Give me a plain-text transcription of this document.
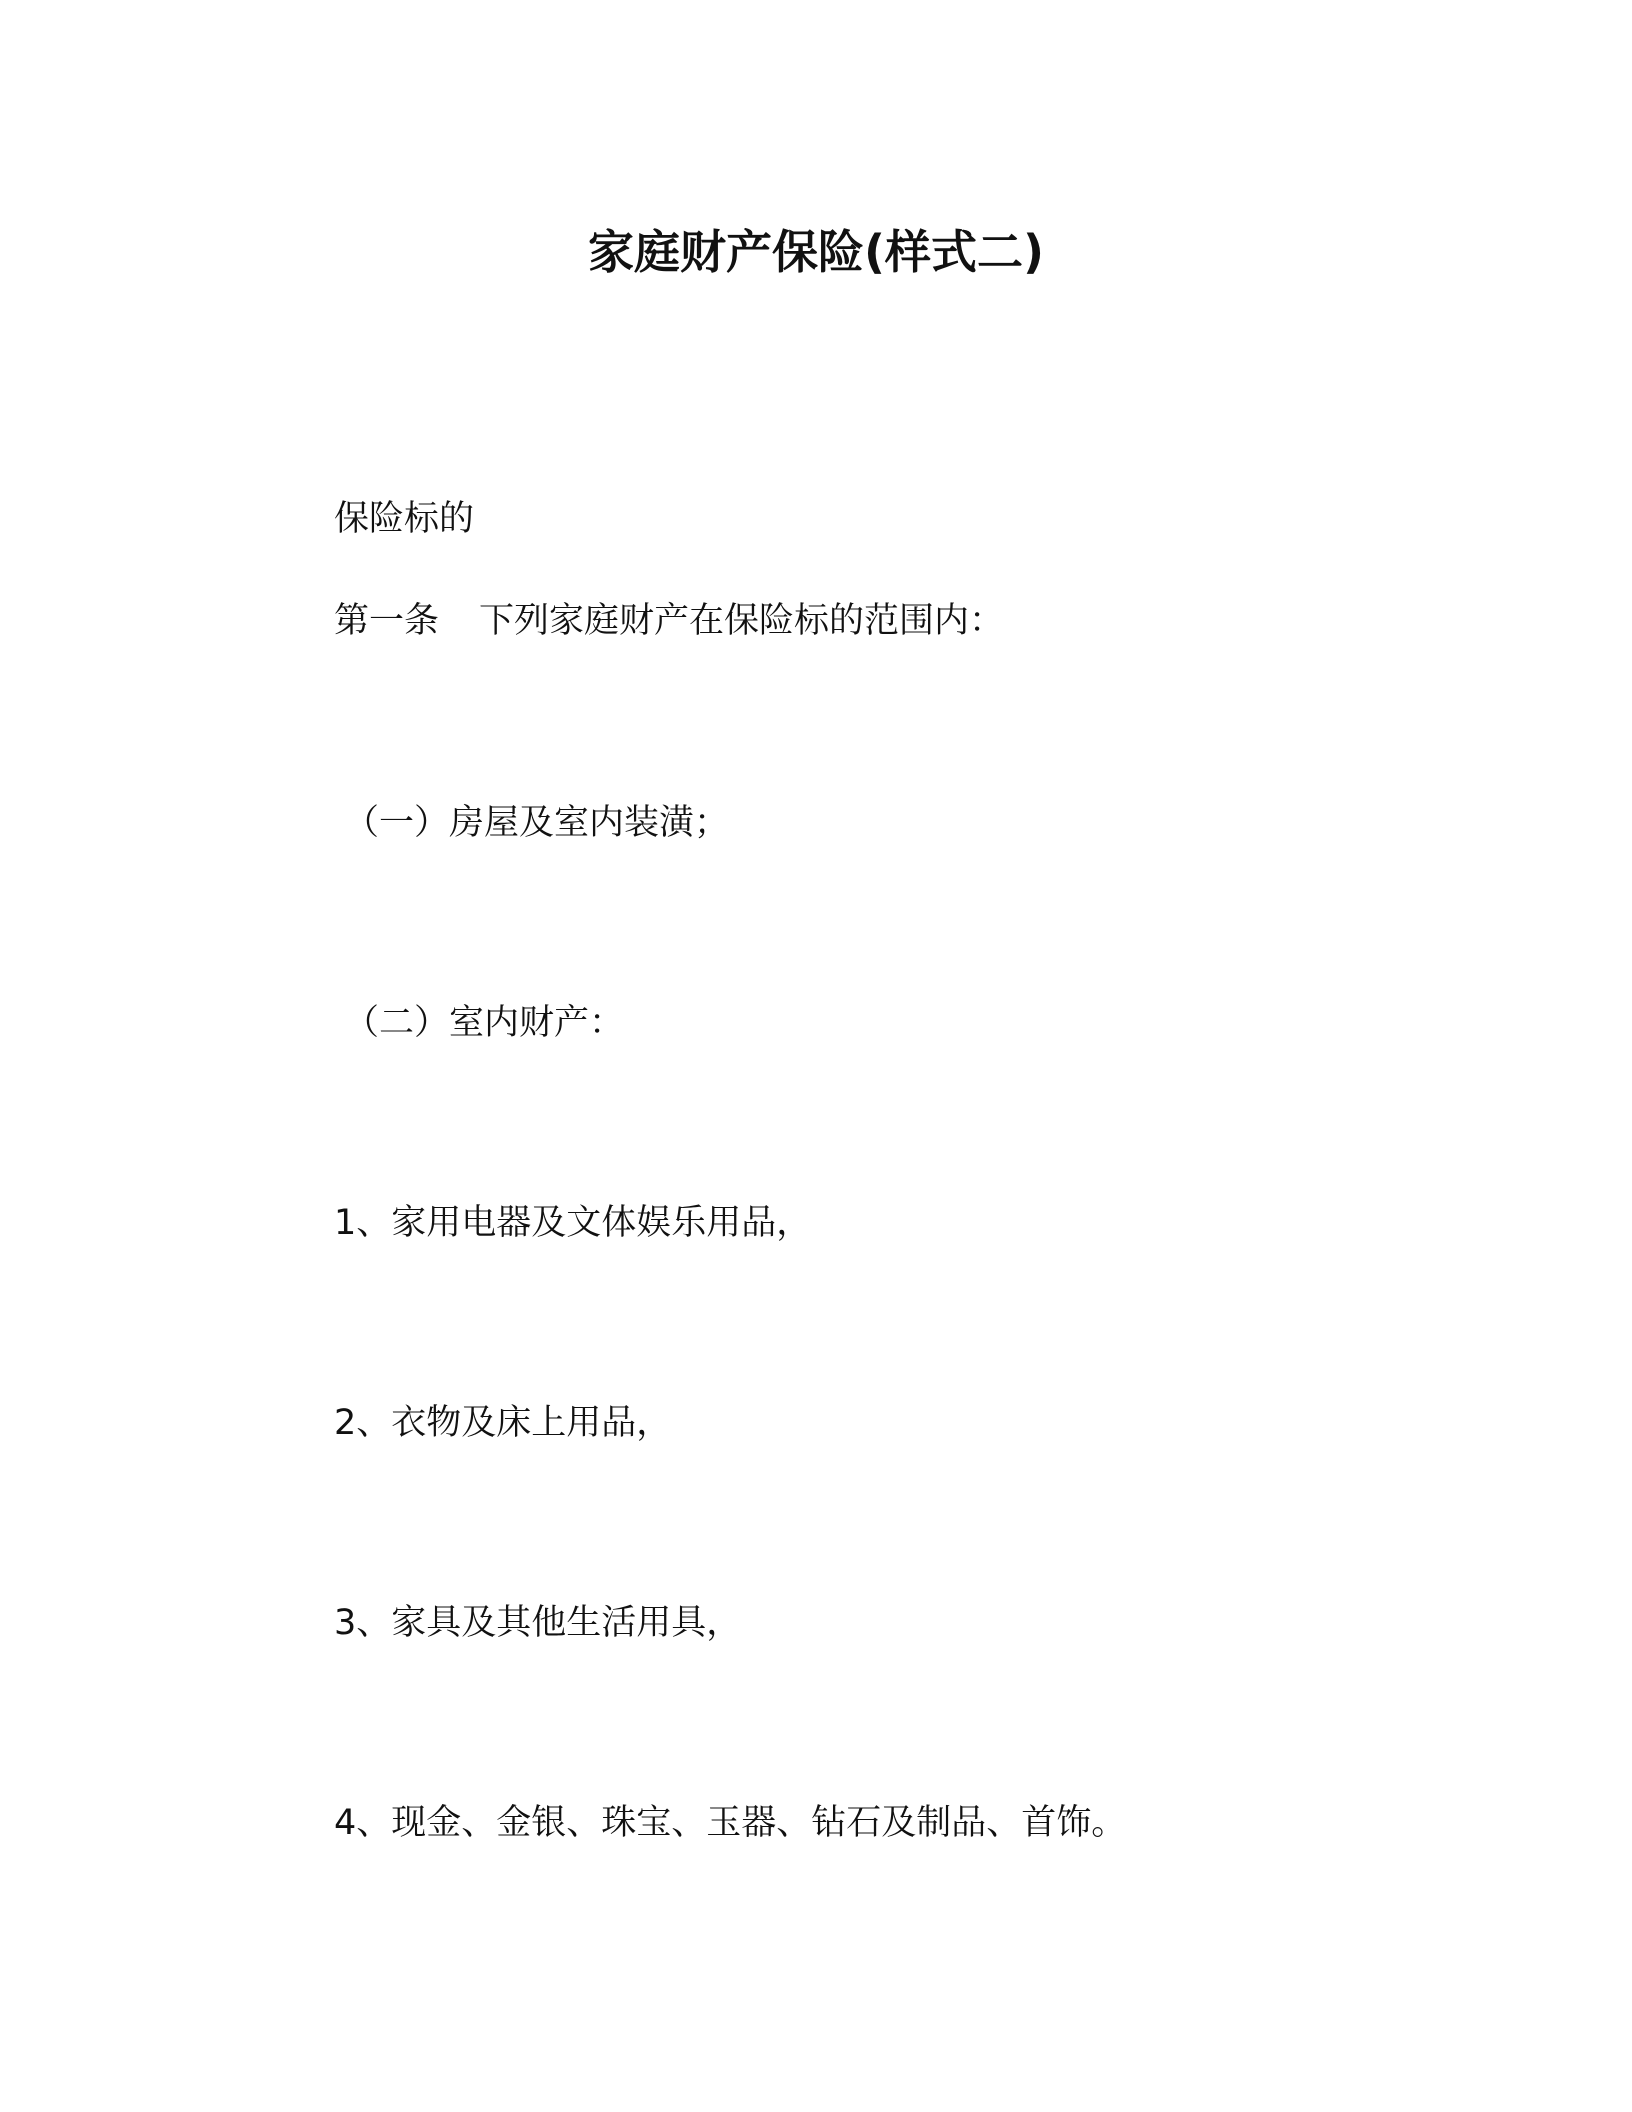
家庭财产保险(样式二)
保险标的
第一条 下列家庭财产在保险标的范围内：
（一）房屋及室内装潢；
（二）室内财产：
1、家用电器及文体娱乐用品，
2、衣物及床上用品，
3、家具及其他生活用具，
4、现金、金银、珠宝、玉器、钻石及制品、首饰。
